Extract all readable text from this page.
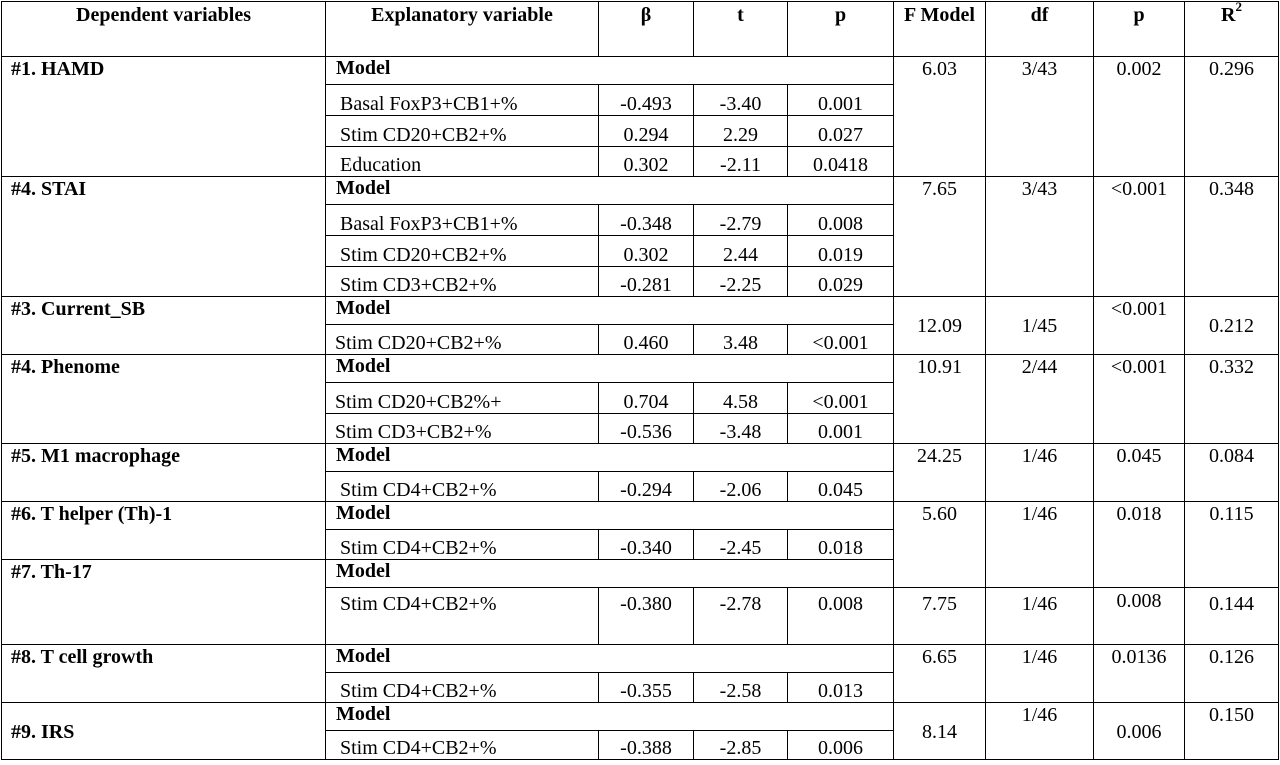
Dependent variables	Explanatory variable	β	t	p	F Model	df	p	$R^2$
#1. HAMD	Model				6.03	3/43	0.002	0.296
	Basal FoxP3+CB1+%	-0.493	-3.40	0.001				
	Stim CD20+CB2+%	0.294	2.29	0.027				
	Education	0.302	-2.11	0.0418				
#4. STAI	Model				7.65	3/43	<0.001	0.348
	Basal FoxP3+CB1+%	-0.348	-2.79	0.008				
	Stim CD20+CB2+%	0.302	2.44	0.019				
	Stim CD3+CB2+%	-0.281	-2.25	0.029				
#3. Current_SB	Model				12.09	1/45	<0.001	0.212
	Stim CD20+CB2+%	0.460	3.48	<0.001				
#4. Phenome	Model				10.91	2/44	<0.001	0.332
	Stim CD20+CB2%+	0.704	4.58	<0.001				
	Stim CD3+CB2+%	-0.536	-3.48	0.001				
#5. M1 macrophage	Model				24.25	1/46	0.045	0.084
	Stim CD4+CB2+%	-0.294	-2.06	0.045				
#6. T helper (Th)-1	Model				5.60	1/46	0.018	0.115
	Stim CD4+CB2+%	-0.340	-2.45	0.018				
#7. Th-17	Model							
	Stim CD4+CB2+%	-0.380	-2.78	0.008	7.75	1/46	0.008	0.144
#8. T cell growth	Model				6.65	1/46	0.0136	0.126
	Stim CD4+CB2+%	-0.355	-2.58	0.013				
#9. IRS	Model				8.14	1/46	0.006	0.150
	Stim CD4+CB2+%	-0.388	-2.85	0.006				
